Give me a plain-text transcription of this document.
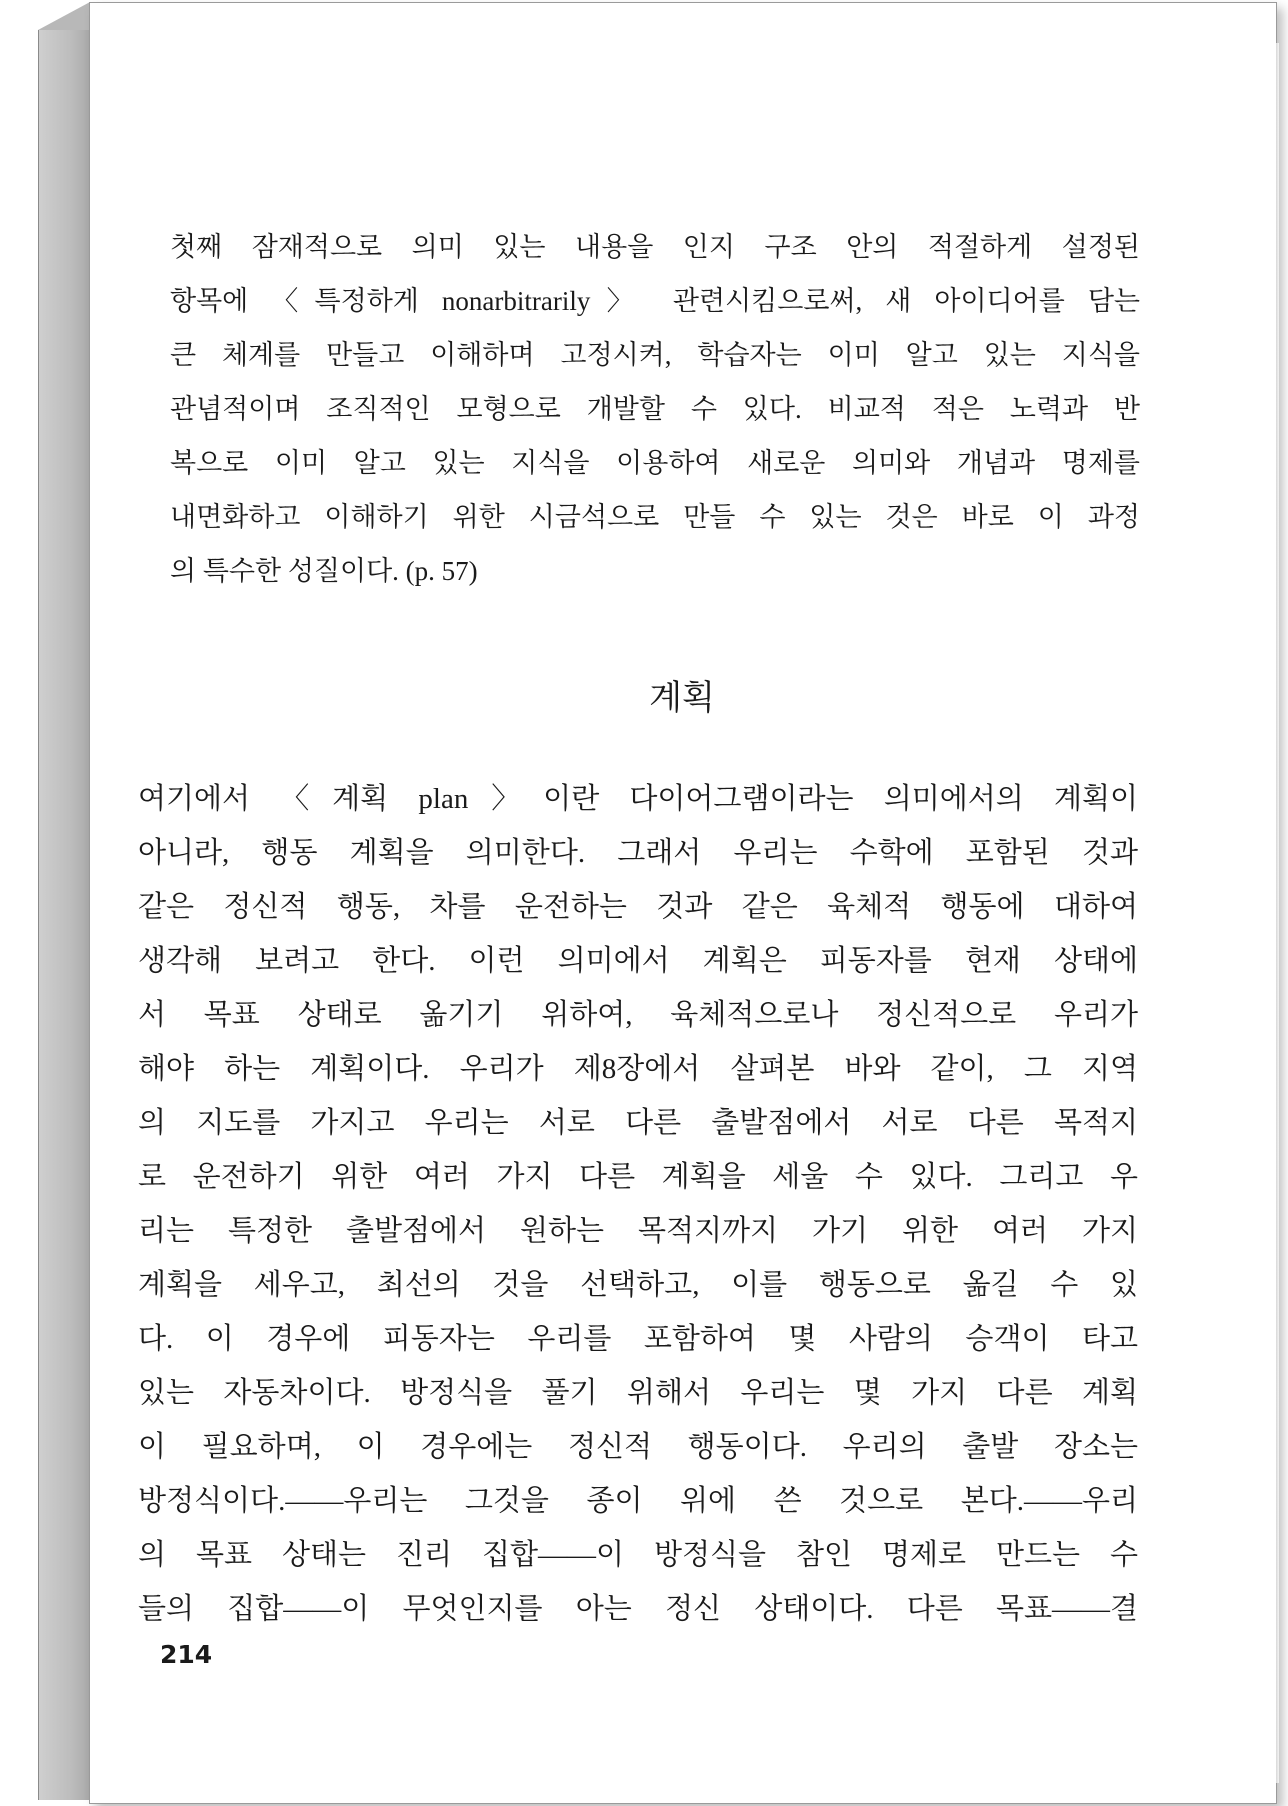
첫째 잠재적으로 의미 있는 내용을 인지 구조 안의 적절하게 설정된
항목에 〈특정하게 nonarbitrarily〉 관련시킴으로써, 새 아이디어를 담는
큰 체계를 만들고 이해하며 고정시켜, 학습자는 이미 알고 있는 지식을
관념적이며 조직적인 모형으로 개발할 수 있다. 비교적 적은 노력과 반
복으로 이미 알고 있는 지식을 이용하여 새로운 의미와 개념과 명제를
내면화하고 이해하기 위한 시금석으로 만들 수 있는 것은 바로 이 과정
의 특수한 성질이다. (p. 57)
계획
여기에서 〈계획 plan〉이란 다이어그램이라는 의미에서의 계획이
아니라, 행동 계획을 의미한다. 그래서 우리는 수학에 포함된 것과
같은 정신적 행동, 차를 운전하는 것과 같은 육체적 행동에 대하여
생각해 보려고 한다. 이런 의미에서 계획은 피동자를 현재 상태에
서 목표 상태로 옮기기 위하여, 육체적으로나 정신적으로 우리가
해야 하는 계획이다. 우리가 제8장에서 살펴본 바와 같이, 그 지역
의 지도를 가지고 우리는 서로 다른 출발점에서 서로 다른 목적지
로 운전하기 위한 여러 가지 다른 계획을 세울 수 있다. 그리고 우
리는 특정한 출발점에서 원하는 목적지까지 가기 위한 여러 가지
계획을 세우고, 최선의 것을 선택하고, 이를 행동으로 옮길 수 있
다. 이 경우에 피동자는 우리를 포함하여 몇 사람의 승객이 타고
있는 자동차이다. 방정식을 풀기 위해서 우리는 몇 가지 다른 계획
이 필요하며, 이 경우에는 정신적 행동이다. 우리의 출발 장소는
방정식이다.——우리는 그것을 종이 위에 쓴 것으로 본다.——우리
의 목표 상태는 진리 집합——이 방정식을 참인 명제로 만드는 수
들의 집합——이 무엇인지를 아는 정신 상태이다. 다른 목표——결
214
